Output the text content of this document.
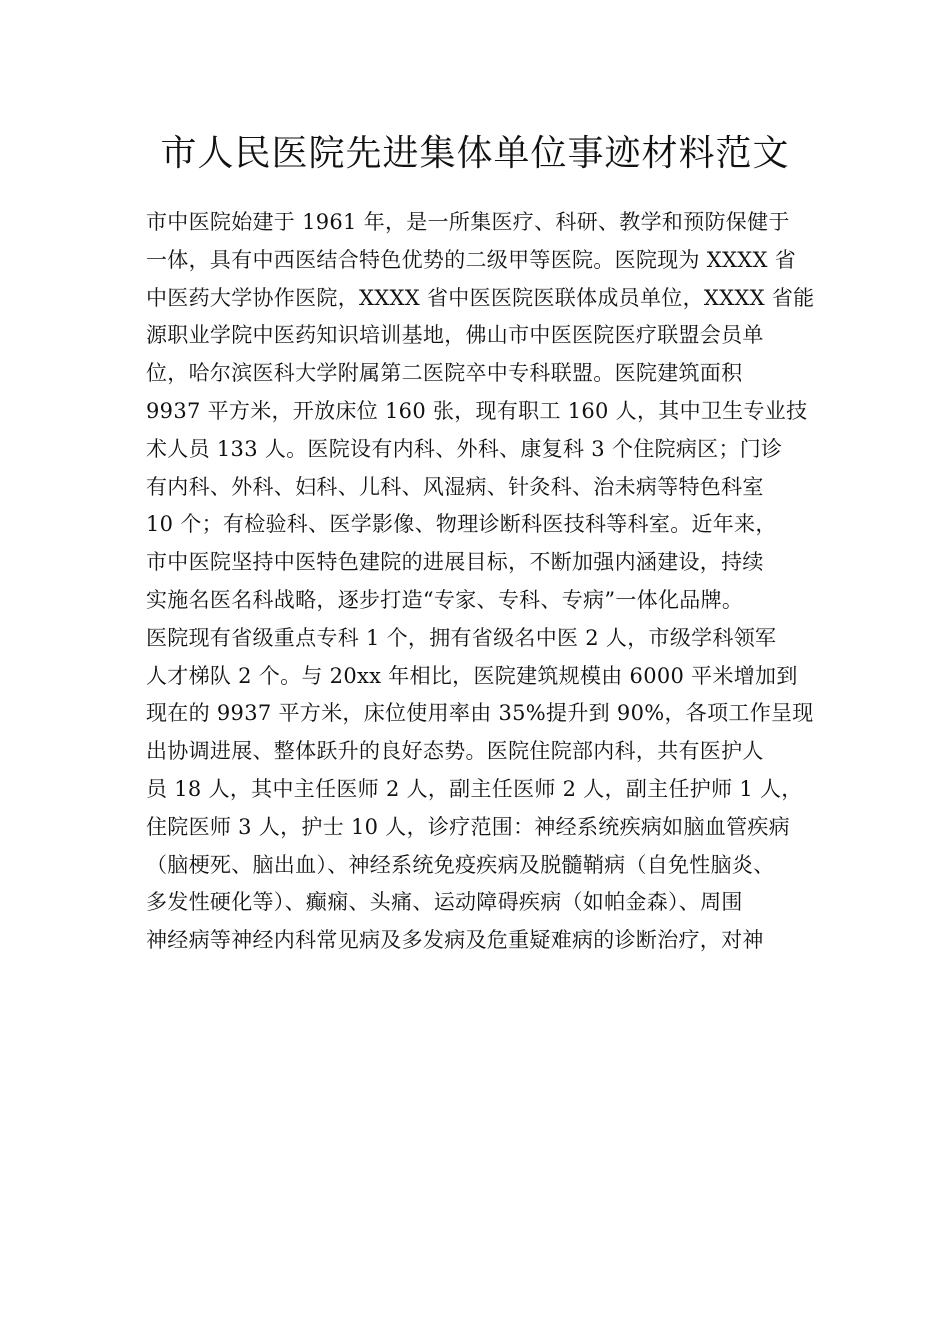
市人民医院先进集体单位事迹材料范文
市中医院始建于 1961 年，是一所集医疗、科研、教学和预防保健于
一体，具有中西医结合特色优势的二级甲等医院。医院现为 XXXX 省
中医药大学协作医院，XXXX 省中医医院医联体成员单位，XXXX 省能
源职业学院中医药知识培训基地，佛山市中医医院医疗联盟会员单
位，哈尔滨医科大学附属第二医院卒中专科联盟。医院建筑面积
9937 平方米，开放床位 160 张，现有职工 160 人，其中卫生专业技
术人员 133 人。医院设有内科、外科、康复科 3 个住院病区；门诊
有内科、外科、妇科、儿科、风湿病、针灸科、治未病等特色科室
10 个；有检验科、医学影像、物理诊断科医技科等科室。近年来，
市中医院坚持中医特色建院的进展目标，不断加强内涵建设，持续
实施名医名科战略，逐步打造“专家、专科、专病”一体化品牌。
医院现有省级重点专科 1 个，拥有省级名中医 2 人，市级学科领军
人才梯队 2 个。与 20xx 年相比，医院建筑规模由 6000 平米增加到
现在的 9937 平方米，床位使用率由 35%提升到 90%，各项工作呈现
出协调进展、整体跃升的良好态势。医院住院部内科，共有医护人
员 18 人，其中主任医师 2 人，副主任医师 2 人，副主任护师 1 人，
住院医师 3 人，护士 10 人，诊疗范围：神经系统疾病如脑血管疾病
（脑梗死、脑出血）、神经系统免疫疾病及脱髓鞘病（自免性脑炎、
多发性硬化等）、癫痫、头痛、运动障碍疾病（如帕金森）、周围
神经病等神经内科常见病及多发病及危重疑难病的诊断治疗，对神
